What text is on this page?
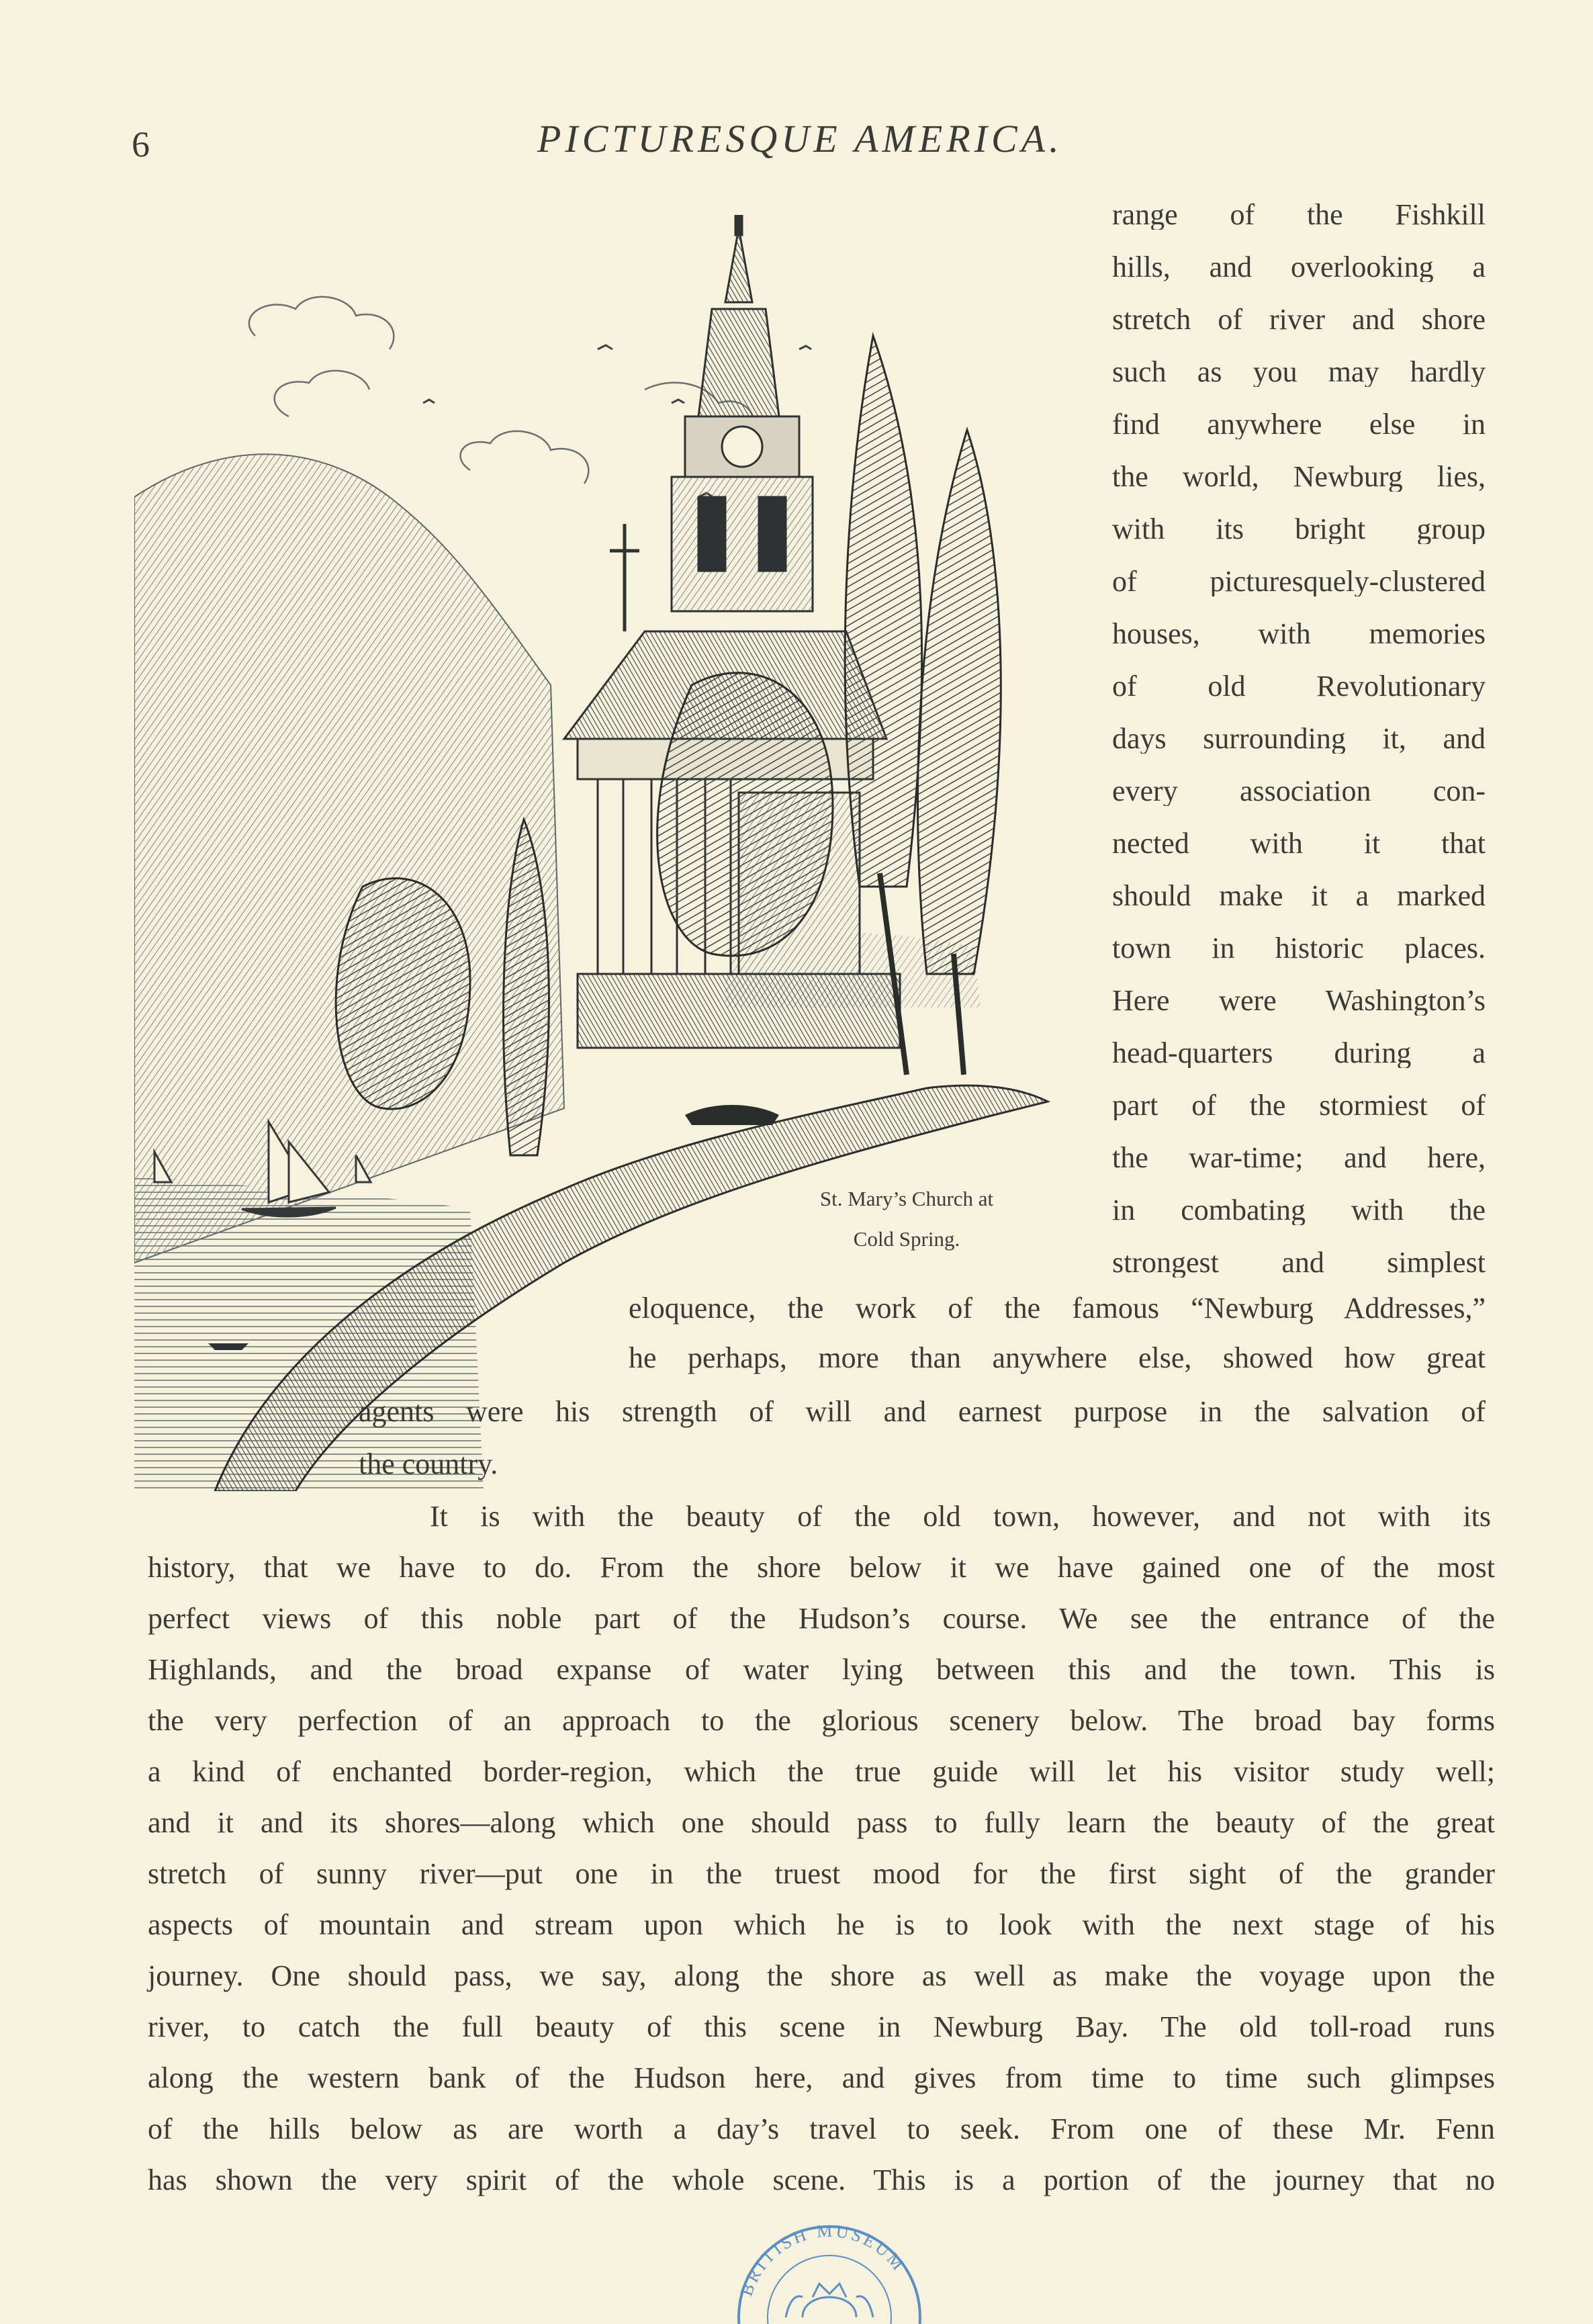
6	PICTURESQUE AMERICA.
St. Mary’s Church at
Cold Spring.
range of the Fishkill
hills, and overlooking a
stretch of river and shore
such as you may hardly
find anywhere else in
the world, Newburg lies,
with its bright group
of picturesquely-clustered
houses, with memories
of old Revolutionary
days surrounding it, and
every association con-
nected with it that
should make it a marked
town in historic places.
Here were Washington’s
head-quarters during a
part of the stormiest of
the war-time; and here,
in combating with the
strongest and simplest
eloquence, the work of the famous “Newburg Addresses,”
he perhaps, more than anywhere else, showed how great
agents were his strength of will and earnest purpose in the salvation of
the country.
It is with the beauty of the old town, however, and not with its
history, that we have to do. From the shore below it we have gained one of the most
perfect views of this noble part of the Hudson’s course. We see the entrance of the
Highlands, and the broad expanse of water lying between this and the town. This is
the very perfection of an approach to the glorious scenery below. The broad bay forms
a kind of enchanted border-region, which the true guide will let his visitor study well;
and it and its shores—along which one should pass to fully learn the beauty of the great
stretch of sunny river—put one in the truest mood for the first sight of the grander
aspects of mountain and stream upon which he is to look with the next stage of his
journey. One should pass, we say, along the shore as well as make the voyage upon the
river, to catch the full beauty of this scene in Newburg Bay. The old toll-road runs
along the western bank of the Hudson here, and gives from time to time such glimpses
of the hills below as are worth a day’s travel to seek. From one of these Mr. Fenn
has shown the very spirit of the whole scene. This is a portion of the journey that no
BRITISH MUSEUM
